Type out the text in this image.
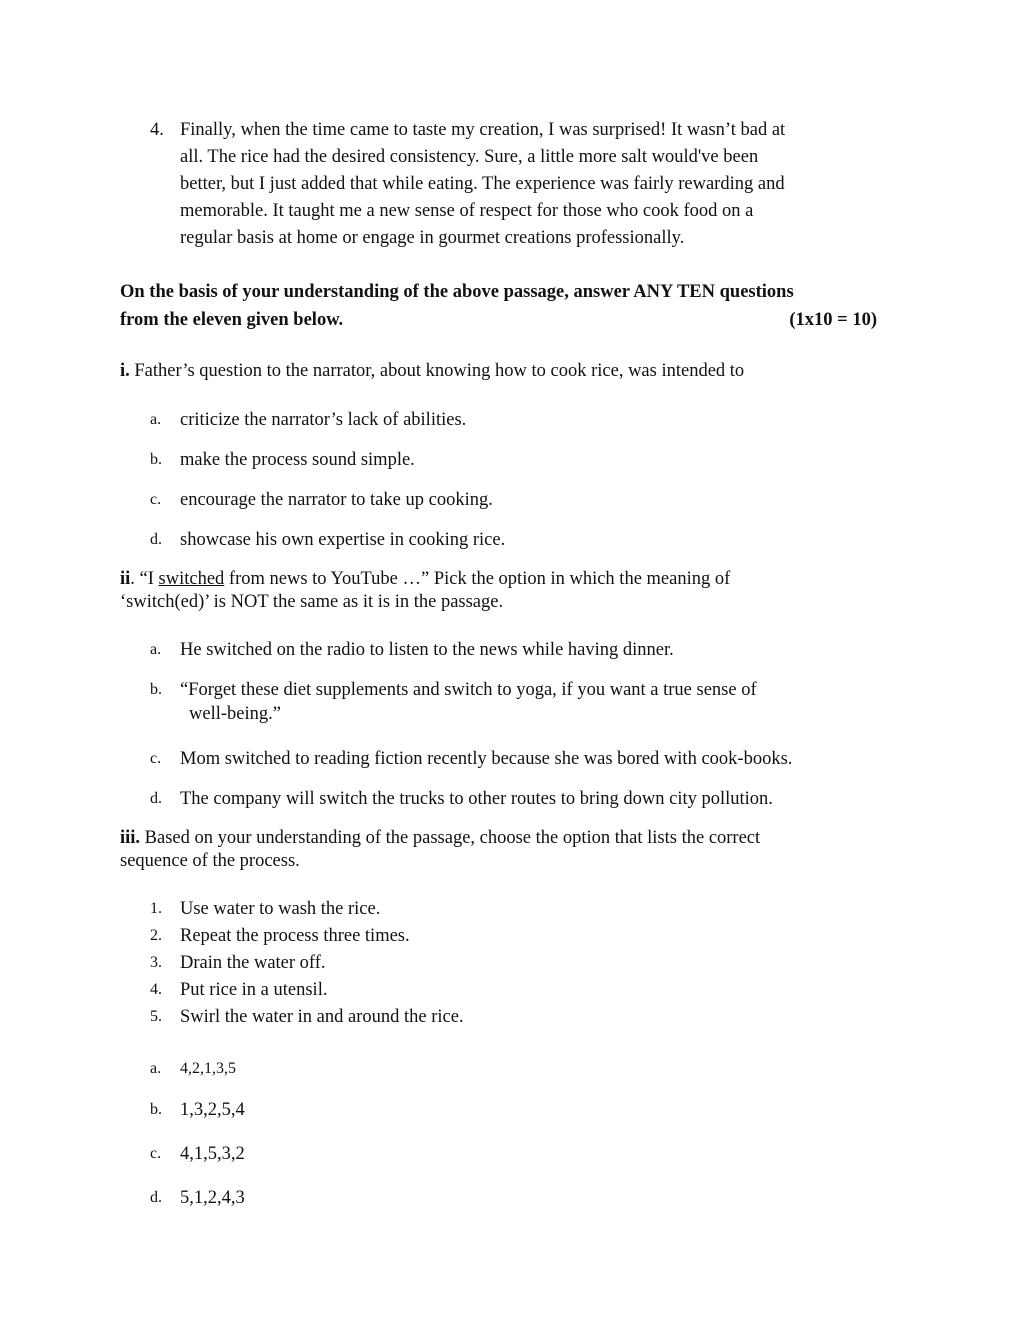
4. Finally, when the time came to taste my creation, I was surprised! It wasn’t bad at
all. The rice had the desired consistency. Sure, a little more salt would've been
better, but I just added that while eating. The experience was fairly rewarding and
memorable. It taught me a new sense of respect for those who cook food on a
regular basis at home or engage in gourmet creations professionally.
On the basis of your understanding of the above passage, answer ANY TEN questions
from the eleven given below.	(1x10 = 10)
i. Father’s question to the narrator, about knowing how to cook rice, was intended to
a. criticize the narrator’s lack of abilities.
b. make the process sound simple.
c. encourage the narrator to take up cooking.
d. showcase his own expertise in cooking rice.
ii. “I switched from news to YouTube …” Pick the option in which the meaning of
‘switch(ed)’ is NOT the same as it is in the passage.
a. He switched on the radio to listen to the news while having dinner.
b. “Forget these diet supplements and switch to yoga, if you want a true sense of
well-being.”
c. Mom switched to reading fiction recently because she was bored with cook-books.
d. The company will switch the trucks to other routes to bring down city pollution.
iii. Based on your understanding of the passage, choose the option that lists the correct
sequence of the process.
1. Use water to wash the rice.
2. Repeat the process three times.
3. Drain the water off.
4. Put rice in a utensil.
5. Swirl the water in and around the rice.
a. 4,2,1,3,5
b. 1,3,2,5,4
c. 4,1,5,3,2
d. 5,1,2,4,3
